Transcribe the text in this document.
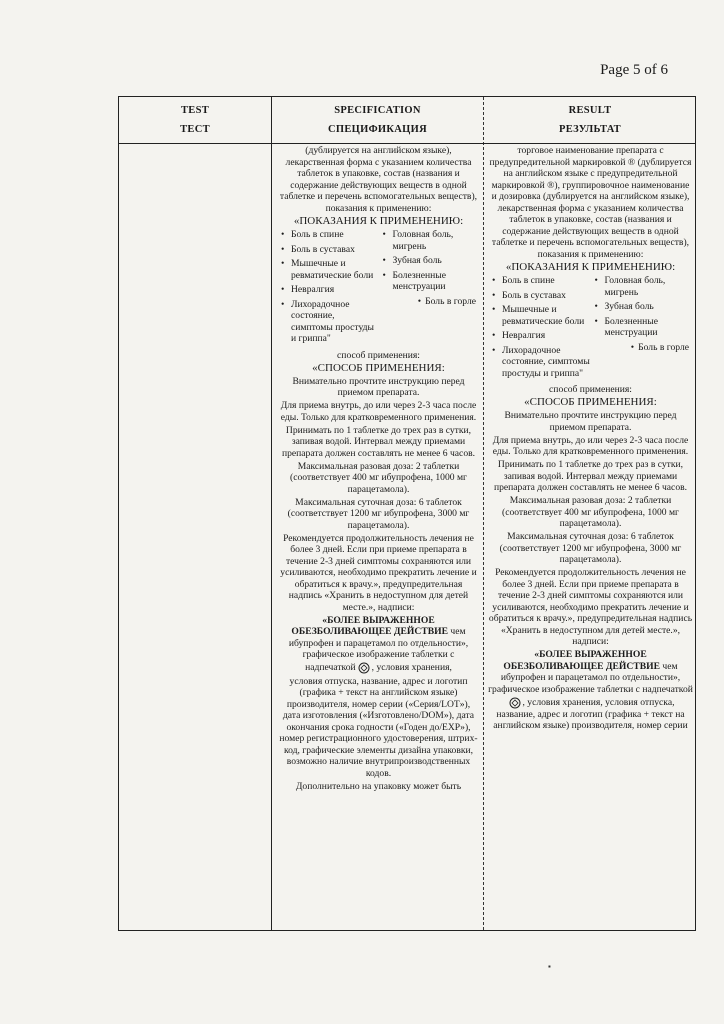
Page 5 of 6
TEST
ТЕСТ
SPECIFICATION
СПЕЦИФИКАЦИЯ
RESULT
РЕЗУЛЬТАТ

(дублируется на английском языке), лекарственная форма с указанием количества таблеток в упаковке, состав (названия и содержание действующих веществ в одной таблетке и перечень вспомогательных веществ), показания к применению:

«ПОКАЗАНИЯ К ПРИМЕНЕНИЮ:

• Боль в спине
• Боль в суставах
• Мышечные и ревматические боли
• Невралгия
• Лихорадочное состояние, симптомы простуды и гриппа"
• Головная боль, мигрень
• Зубная боль
• Болезненные менструации
• Боль в горле

способ применения:

«СПОСОБ ПРИМЕНЕНИЯ:

Внимательно прочтите инструкцию перед приемом препарата.

Для приема внутрь, до или через 2-3 часа после еды. Только для кратковременного применения.

Принимать по 1 таблетке до трех раз в сутки, запивая водой. Интервал между приемами препарата должен составлять не менее 6 часов.

Максимальная разовая доза: 2 таблетки (соответствует 400 мг ибупрофена, 1000 мг парацетамола).

Максимальная суточная доза: 6 таблеток (соответствует 1200 мг ибупрофена, 3000 мг парацетамола).

Рекомендуется продолжительность лечения не более 3 дней. Если при приеме препарата в течение 2-3 дней симптомы сохраняются или усиливаются, необходимо прекратить лечение и обратиться к врачу.», предупредительная надпись «Хранить в недоступном для детей месте.», надписи:

«БОЛЕЕ ВЫРАЖЕННОЕ ОБЕЗБОЛИВАЮЩЕЕ ДЕЙСТВИЕ чем ибупрофен и парацетамол по отдельности», графическое изображение таблетки с

надпечаткой , условия хранения,

условия отпуска, название, адрес и логотип (графика + текст на английском языке) производителя, номер серии («Серия/LOT»), дата изготовления («Изготовлено/DOM»), дата окончания срока годности («Годен до/EXP»), номер регистрационного удостоверения, штрих-код, графические элементы дизайна упаковки, возможно наличие внутрипроизводственных кодов.

Дополнительно на упаковку может быть

торговое наименование препарата с предупредительной маркировкой ® (дублируется на английском языке с предупредительной маркировкой ®), группировочное наименование и дозировка (дублируется на английском языке), лекарственная форма с указанием количества таблеток в упаковке, состав (названия и содержание действующих веществ в одной таблетке и перечень вспомогательных веществ), показания к применению:

«ПОКАЗАНИЯ К ПРИМЕНЕНИЮ:

• Боль в спине
• Боль в суставах
• Мышечные и ревматические боли
• Невралгия
• Лихорадочное состояние, симптомы простуды и гриппа"
• Головная боль, мигрень
• Зубная боль
• Болезненные менструации
• Боль в горле

способ применения:

«СПОСОБ ПРИМЕНЕНИЯ:

Внимательно прочтите инструкцию перед приемом препарата.

Для приема внутрь, до или через 2-3 часа после еды. Только для кратковременного применения.

Принимать по 1 таблетке до трех раз в сутки, запивая водой. Интервал между приемами препарата должен составлять не менее 6 часов.

Максимальная разовая доза: 2 таблетки (соответствует 400 мг ибупрофена, 1000 мг парацетамола).

Максимальная суточная доза: 6 таблеток (соответствует 1200 мг ибупрофена, 3000 мг парацетамола).

Рекомендуется продолжительность лечения не более 3 дней. Если при приеме препарата в течение 2-3 дней симптомы сохраняются или усиливаются, необходимо прекратить лечение и обратиться к врачу.», предупредительная надпись «Хранить в недоступном для детей месте.», надписи:

«БОЛЕЕ ВЫРАЖЕННОЕ ОБЕЗБОЛИВАЮЩЕЕ ДЕЙСТВИЕ чем ибупрофен и парацетамол по отдельности», графическое изображение таблетки с надпечаткой

, условия хранения, условия отпуска, название, адрес и логотип (графика + текст на английском языке) производителя, номер серии

▪
